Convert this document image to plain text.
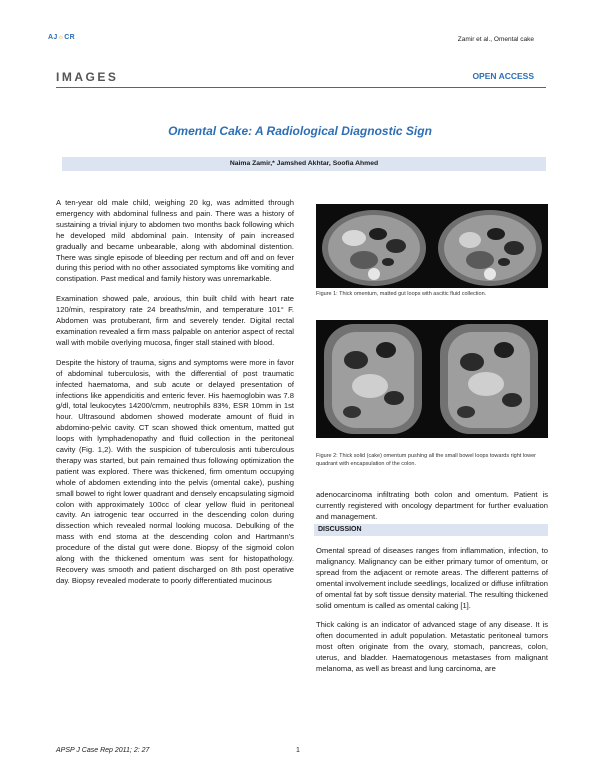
AJ☼CR	Zamir et al., Omental cake
IMAGES	OPEN ACCESS
Omental Cake: A Radiological Diagnostic Sign
Naima Zamir,* Jamshed Akhtar, Soofia Ahmed

A ten-year old male child, weighing 20 kg, was admitted through emergency with abdominal fullness and pain. There was a history of sustaining a trivial injury to abdomen two months back following which he developed mild abdominal pain. Intensity of pain increased gradually and became unbearable, along with abdominal distention. There was single episode of bleeding per rectum and off and on fever during this period with no other associated symptoms like vomiting and constipation. Past medical and family history was unremarkable.

Examination showed pale, anxious, thin built child with heart rate 120/min, respiratory rate 24 breaths/min, and temperature 101° F. Abdomen was protuberant, firm and severely tender. Digital rectal examination revealed a firm mass palpable on anterior aspect of rectal wall with mobile overlying mucosa, finger stall stained with blood.

Despite the history of trauma, signs and symptoms were more in favor of abdominal tuberculosis, with the differential of post traumatic infected haematoma, and sub acute or delayed presentation of infections like appendicitis and enteric fever. His haemoglobin was 7.8 g/dl, total leukocytes 14200/cmm, neutrophils 83%, ESR 10mm in 1st hour. Ultrasound abdomen showed moderate amount of fluid in abdomino-pelvic cavity. CT scan showed thick omentum, matted gut loops with lymphadenopathy and fluid collection in the peritoneal cavity (Fig. 1,2). With the suspicion of tuberculosis anti tuberculous therapy was started, but pain remained thus following optimization the patient was explored. There was thickened, firm omentum occupying whole of abdomen extending into the pelvis (omental cake), pushing small bowel to right lower quadrant and densely encapsulating sigmoid colon with approximately 100cc of clear yellow fluid in peritoneal cavity. An iatrogenic tear occurred in the descending colon during dissection which revealed normal looking mucosa. Debulking of the mass with end stoma at the descending colon and Hartmann's procedure of the distal gut were done. Biopsy of the sigmoid colon along with the thickened omentum was sent for histopathology. Recovery was smooth and patient discharged on 8th post operative day. Biopsy revealed moderate to poorly differentiated mucinous

Figure 1: Thick omentum, matted gut loops with ascitic fluid collection.
Figure 2: Thick solid (cake) omentum pushing all the small bowel loops towards right lower quadrant with encapsulation of the colon.

adenocarcinoma infiltrating both colon and omentum. Patient is currently registered with oncology department for further evaluation and management.

DISCUSSION

Omental spread of diseases ranges from inflammation, infection, to malignancy. Malignancy can be either primary tumor of omentum, or spread from the adjacent or remote areas. The different patterns of omental involvement include seedlings, localized or diffuse infiltration of omental fat by soft tissue density material. The resulting thickened solid omentum is called as omental caking [1].

Thick caking is an indicator of advanced stage of any disease. It is often documented in adult population. Metastatic peritoneal tumors most often originate from the ovary, stomach, pancreas, colon, uterus, and bladder. Haematogenous metastases from malignant melanoma, as well as breast and lung carcinoma, are

APSP J Case Rep 2011; 2: 27	1
